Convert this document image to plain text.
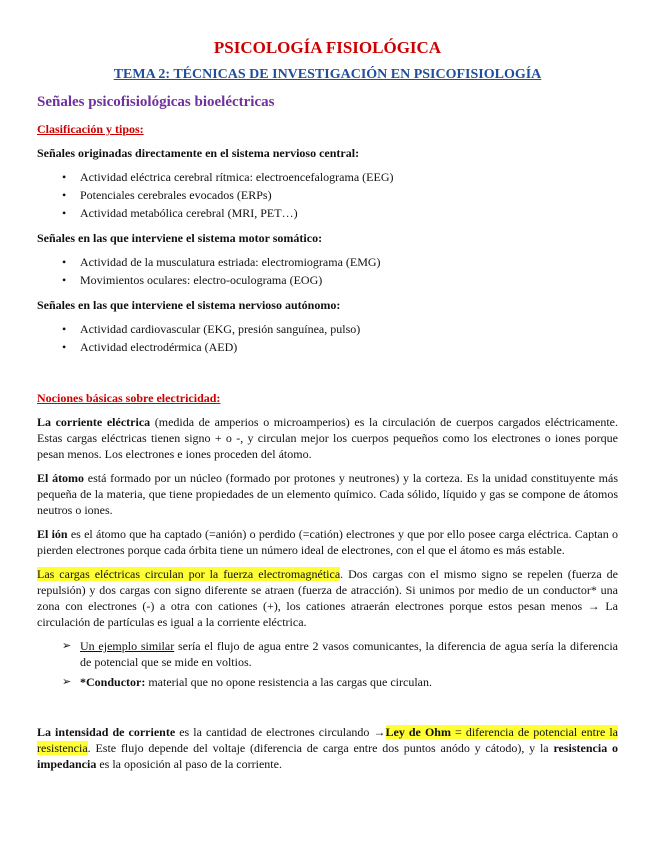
PSICOLOGÍA FISIOLÓGICA
TEMA 2: TÉCNICAS DE INVESTIGACIÓN EN PSICOFISIOLOGÍA
Señales psicofisiológicas bioeléctricas
Clasificación y tipos:
Señales originadas directamente en el sistema nervioso central:
• Actividad eléctrica cerebral rítmica: electroencefalograma (EEG)
• Potenciales cerebrales evocados (ERPs)
• Actividad metabólica cerebral (MRI, PET…)
Señales en las que interviene el sistema motor somático:
• Actividad de la musculatura estriada: electromiograma (EMG)
• Movimientos oculares: electro-oculograma (EOG)
Señales en las que interviene el sistema nervioso autónomo:
• Actividad cardiovascular (EKG, presión sanguínea, pulso)
• Actividad electrodérmica (AED)
Nociones básicas sobre electricidad:

La corriente eléctrica (medida de amperios o microamperios) es la circulación de cuerpos cargados eléctricamente. Estas cargas eléctricas tienen signo + o -, y circulan mejor los cuerpos pequeños como los electrones o iones porque pesan menos. Los electrones e iones proceden del átomo.

El átomo está formado por un núcleo (formado por protones y neutrones) y la corteza. Es la unidad constituyente más pequeña de la materia, que tiene propiedades de un elemento químico. Cada sólido, líquido y gas se compone de átomos neutros o iones.

El ión es el átomo que ha captado (=anión) o perdido (=catión) electrones y que por ello posee carga eléctrica. Captan o pierden electrones porque cada órbita tiene un número ideal de electrones, con el que el átomo es más estable.

Las cargas eléctricas circulan por la fuerza electromagnética. Dos cargas con el mismo signo se repelen (fuerza de repulsión) y dos cargas con signo diferente se atraen (fuerza de atracción). Si unimos por medio de un conductor* una zona con electrones (-) a otra con cationes (+), los cationes atraerán electrones porque estos pesan menos → La circulación de partículas es igual a la corriente eléctrica.

➢ Un ejemplo similar sería el flujo de agua entre 2 vasos comunicantes, la diferencia de agua sería la diferencia de potencial que se mide en voltios.
➢ *Conductor: material que no opone resistencia a las cargas que circulan.

La intensidad de corriente es la cantidad de electrones circulando →Ley de Ohm = diferencia de potencial entre la resistencia. Este flujo depende del voltaje (diferencia de carga entre dos puntos anódo y cátodo), y la resistencia o impedancia es la oposición al paso de la corriente.
